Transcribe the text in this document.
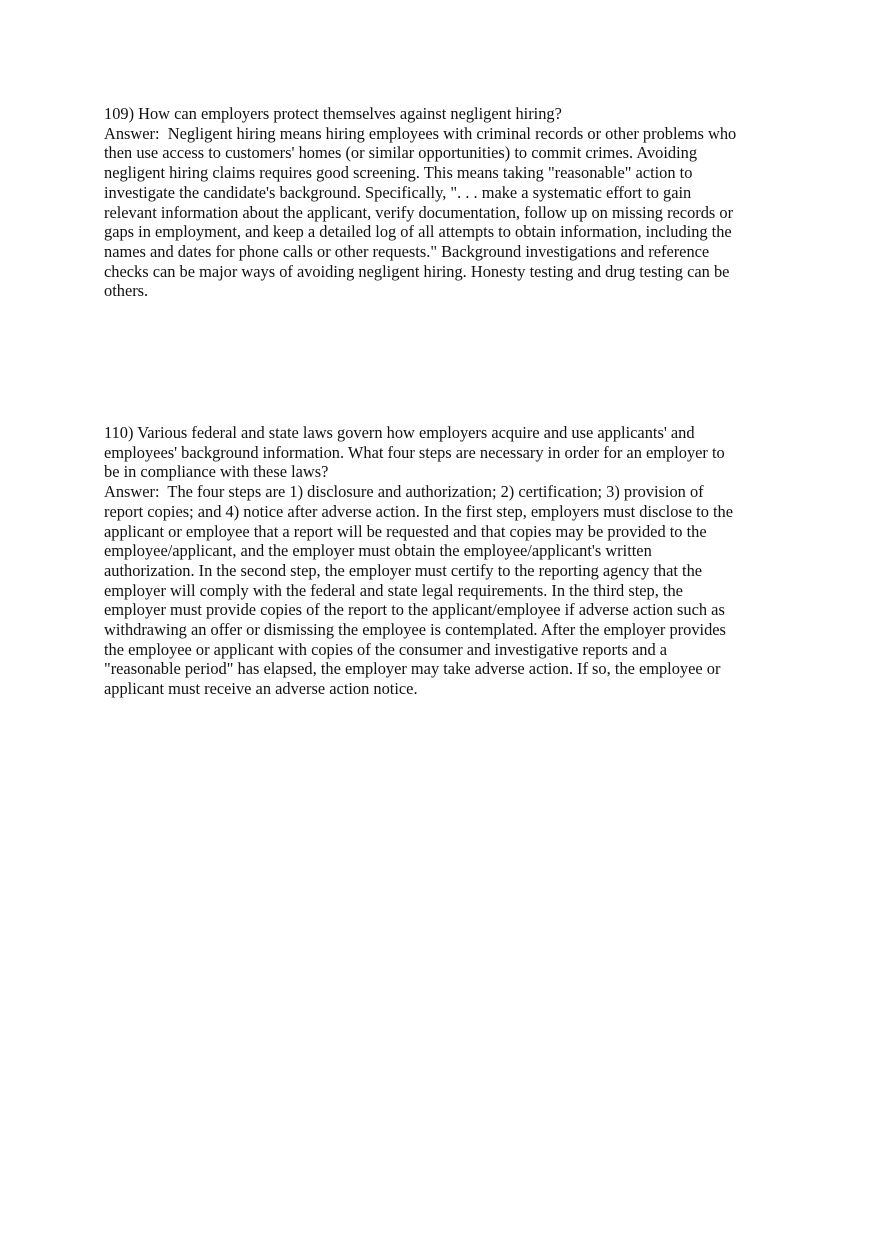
109) How can employers protect themselves against negligent hiring?
Answer:  Negligent hiring means hiring employees with criminal records or other problems who
then use access to customers' homes (or similar opportunities) to commit crimes. Avoiding
negligent hiring claims requires good screening. This means taking "reasonable" action to
investigate the candidate's background. Specifically, ". . . make a systematic effort to gain
relevant information about the applicant, verify documentation, follow up on missing records or
gaps in employment, and keep a detailed log of all attempts to obtain information, including the
names and dates for phone calls or other requests." Background investigations and reference
checks can be major ways of avoiding negligent hiring. Honesty testing and drug testing can be
others.
110) Various federal and state laws govern how employers acquire and use applicants' and
employees' background information. What four steps are necessary in order for an employer to
be in compliance with these laws?
Answer:  The four steps are 1) disclosure and authorization; 2) certification; 3) provision of
report copies; and 4) notice after adverse action. In the first step, employers must disclose to the
applicant or employee that a report will be requested and that copies may be provided to the
employee/applicant, and the employer must obtain the employee/applicant's written
authorization. In the second step, the employer must certify to the reporting agency that the
employer will comply with the federal and state legal requirements. In the third step, the
employer must provide copies of the report to the applicant/employee if adverse action such as
withdrawing an offer or dismissing the employee is contemplated. After the employer provides
the employee or applicant with copies of the consumer and investigative reports and a
"reasonable period" has elapsed, the employer may take adverse action. If so, the employee or
applicant must receive an adverse action notice.
